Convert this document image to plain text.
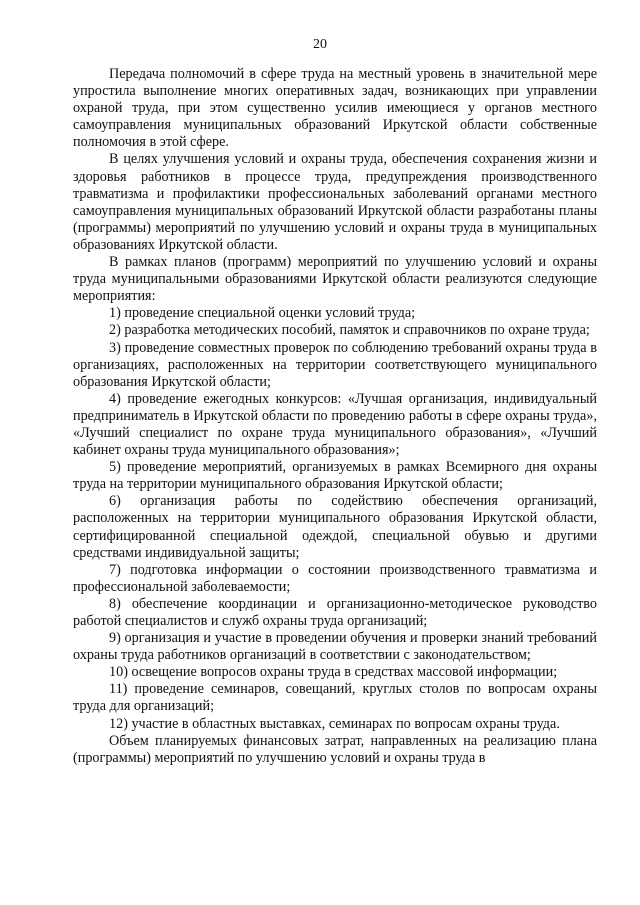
20

Передача полномочий в сфере труда на местный уровень в значительной мере упростила выполнение многих оперативных задач, возникающих при управлении охраной труда, при этом существенно усилив имеющиеся у органов местного самоуправления муниципальных образований Иркутской области собственные полномочия в этой сфере.

В целях улучшения условий и охраны труда, обеспечения сохранения жизни и здоровья работников в процессе труда, предупреждения производственного травматизма и профилактики профессиональных заболеваний органами местного самоуправления муниципальных образований Иркутской области разработаны планы (программы) мероприятий по улучшению условий и охраны труда в муниципальных образованиях Иркутской области.

В рамках планов (программ) мероприятий по улучшению условий и охраны труда муниципальными образованиями Иркутской области реализуются следующие мероприятия:

1) проведение специальной оценки условий труда;

2) разработка методических пособий, памяток и справочников по охране труда;

3) проведение совместных проверок по соблюдению требований охраны труда в организациях, расположенных на территории соответствующего муниципального образования Иркутской области;

4) проведение ежегодных конкурсов: «Лучшая организация, индивидуальный предприниматель в Иркутской области по проведению работы в сфере охраны труда», «Лучший специалист по охране труда муниципального образования», «Лучший кабинет охраны труда муниципального образования»;

5) проведение мероприятий, организуемых в рамках Всемирного дня охраны труда на территории муниципального образования Иркутской области;

6) организация работы по содействию обеспечения организаций, расположенных на территории муниципального образования Иркутской области, сертифицированной специальной одеждой, специальной обувью и другими средствами индивидуальной защиты;

7) подготовка информации о состоянии производственного травматизма и профессиональной заболеваемости;

8) обеспечение координации и организационно-методическое руководство работой специалистов и служб охраны труда организаций;

9) организация и участие в проведении обучения и проверки знаний требований охраны труда работников организаций в соответствии с законодательством;

10) освещение вопросов охраны труда в средствах массовой информации;

11) проведение семинаров, совещаний, круглых столов по вопросам охраны труда для организаций;

12) участие в областных выставках, семинарах по вопросам охраны труда.

Объем планируемых финансовых затрат, направленных на реализацию плана (программы) мероприятий по улучшению условий и охраны труда в
